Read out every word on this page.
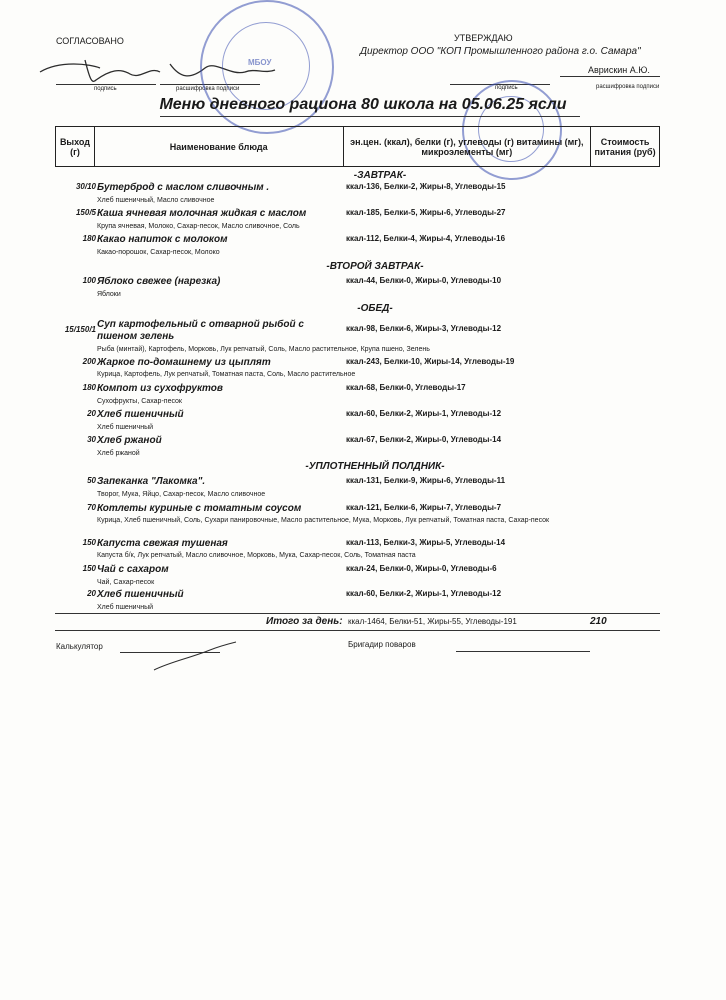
СОГЛАСОВАНО	УТВЕРЖДАЮ
Директор ООО "КОП Промышленного района г.о. Самара"
Аврискин А.Ю.
подпись	расшифровка подписи
подпись	расшифровка подписи
МБОУ
Меню дневного рациона 80 школа на 05.06.25 ясли
Выход (г)	Наименование блюда	эн.цен. (ккал), белки (г), углеводы (г) витамины (мг), микроэлементы (мг)	Стоимость питания (руб)
-ЗАВТРАК-
30/10 Бутерброд с маслом сливочным .	ккал-136, Белки-2, Жиры-8, Углеводы-15
Хлеб пшеничный, Масло сливочное
150/5 Каша ячневая молочная жидкая с маслом	ккал-185, Белки-5, Жиры-6, Углеводы-27
Крупа ячневая, Молоко, Сахар-песок, Масло сливочное, Соль
180 Какао напиток с молоком	ккал-112, Белки-4, Жиры-4, Углеводы-16
Какао-порошок, Сахар-песок, Молоко
-ВТОРОЙ ЗАВТРАК-
100 Яблоко свежее (нарезка)	ккал-44, Белки-0, Жиры-0, Углеводы-10
Яблоки
-ОБЕД-
15/150/1 Суп картофельный с отварной рыбой с пшеном зелень
ккал-98, Белки-6, Жиры-3, Углеводы-12
Рыба (минтай), Картофель, Морковь, Лук репчатый, Соль, Масло растительное, Крупа пшено, Зелень
200 Жаркое по-домашнему из цыплят	ккал-243, Белки-10, Жиры-14, Углеводы-19
Курица, Картофель, Лук репчатый, Томатная паста, Соль, Масло растительное
180 Компот из сухофруктов	ккал-68, Белки-0, Углеводы-17
Сухофрукты, Сахар-песок
20 Хлеб пшеничный	ккал-60, Белки-2, Жиры-1, Углеводы-12
Хлеб пшеничный
30 Хлеб ржаной	ккал-67, Белки-2, Жиры-0, Углеводы-14
Хлеб ржаной
-УПЛОТНЕННЫЙ ПОЛДНИК-
50 Запеканка "Лакомка".	ккал-131, Белки-9, Жиры-6, Углеводы-11
Творог, Мука, Яйцо, Сахар-песок, Масло сливочное
70 Котлеты куриные с томатным соусом	ккал-121, Белки-6, Жиры-7, Углеводы-7
Курица, Хлеб пшеничный, Соль, Сухари панировочные, Масло растительное, Мука, Морковь, Лук репчатый, Томатная паста, Сахар-песок
150 Капуста свежая тушеная	ккал-113, Белки-3, Жиры-5, Углеводы-14
Капуста б/к, Лук репчатый, Масло сливочное, Морковь, Мука, Сахар-песок, Соль, Томатная паста
150 Чай с сахаром	ккал-24, Белки-0, Жиры-0, Углеводы-6
Чай, Сахар-песок
20 Хлеб пшеничный	ккал-60, Белки-2, Жиры-1, Углеводы-12
Хлеб пшеничный
Итого за день: ккал-1464, Белки-51, Жиры-55, Углеводы-191	210
Калькулятор	Бригадир поваров
